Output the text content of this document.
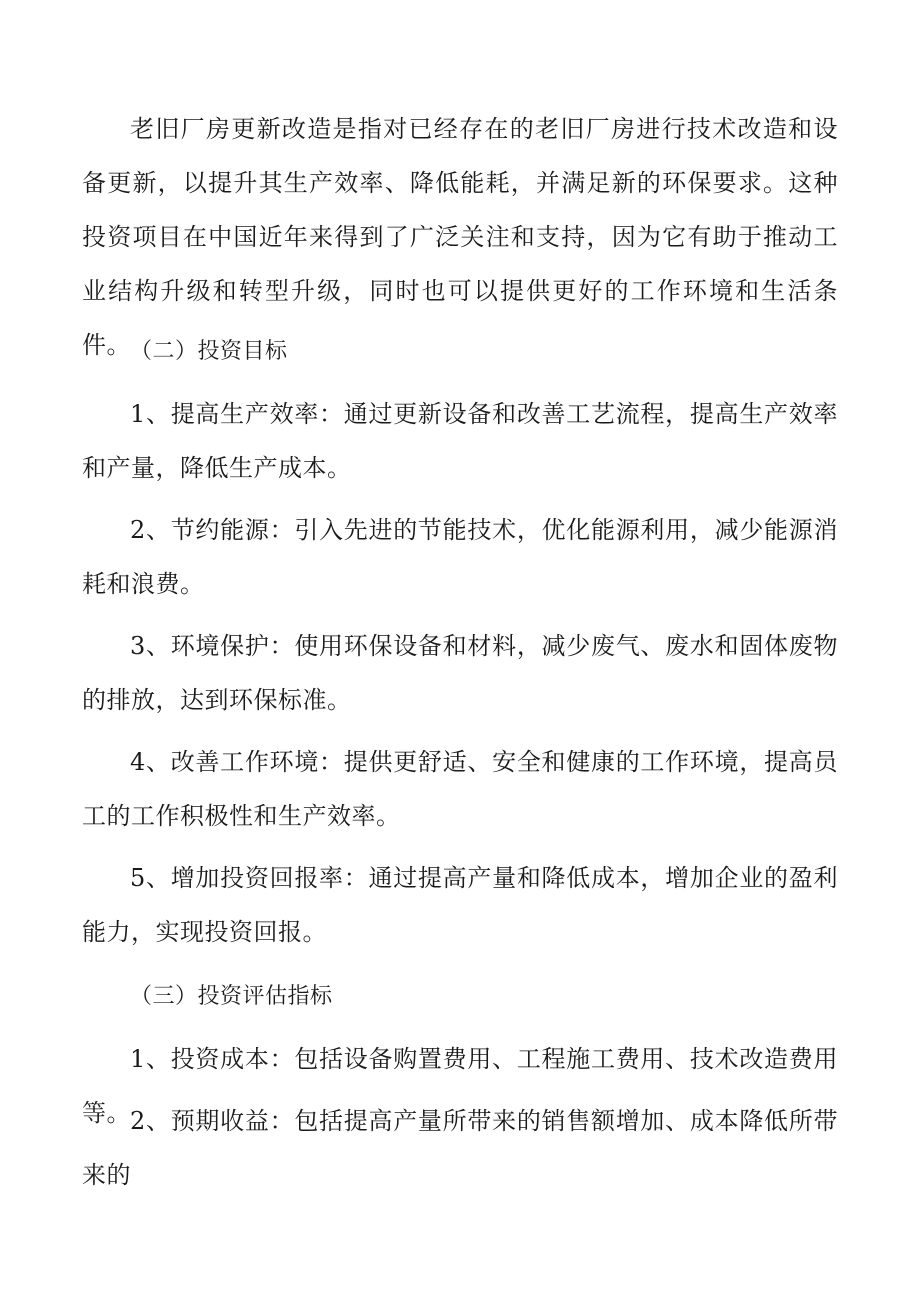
老旧厂房更新改造是指对已经存在的老旧厂房进行技术改造和设备更新，以提升其生产效率、降低能耗，并满足新的环保要求。这种投资项目在中国近年来得到了广泛关注和支持，因为它有助于推动工业结构升级和转型升级，同时也可以提供更好的工作环境和生活条件。 （二）投资目标

1、提高生产效率：通过更新设备和改善工艺流程，提高生产效率和产量，降低生产成本。

2、节约能源：引入先进的节能技术，优化能源利用，减少能源消耗和浪费。

3、环境保护：使用环保设备和材料，减少废气、废水和固体废物的排放，达到环保标准。

4、改善工作环境：提供更舒适、安全和健康的工作环境，提高员工的工作积极性和生产效率。

5、增加投资回报率：通过提高产量和降低成本，增加企业的盈利能力，实现投资回报。

（三）投资评估指标

1、投资成本：包括设备购置费用、工程施工费用、技术改造费用等。 2、预期收益：包括提高产量所带来的销售额增加、成本降低所带来的
